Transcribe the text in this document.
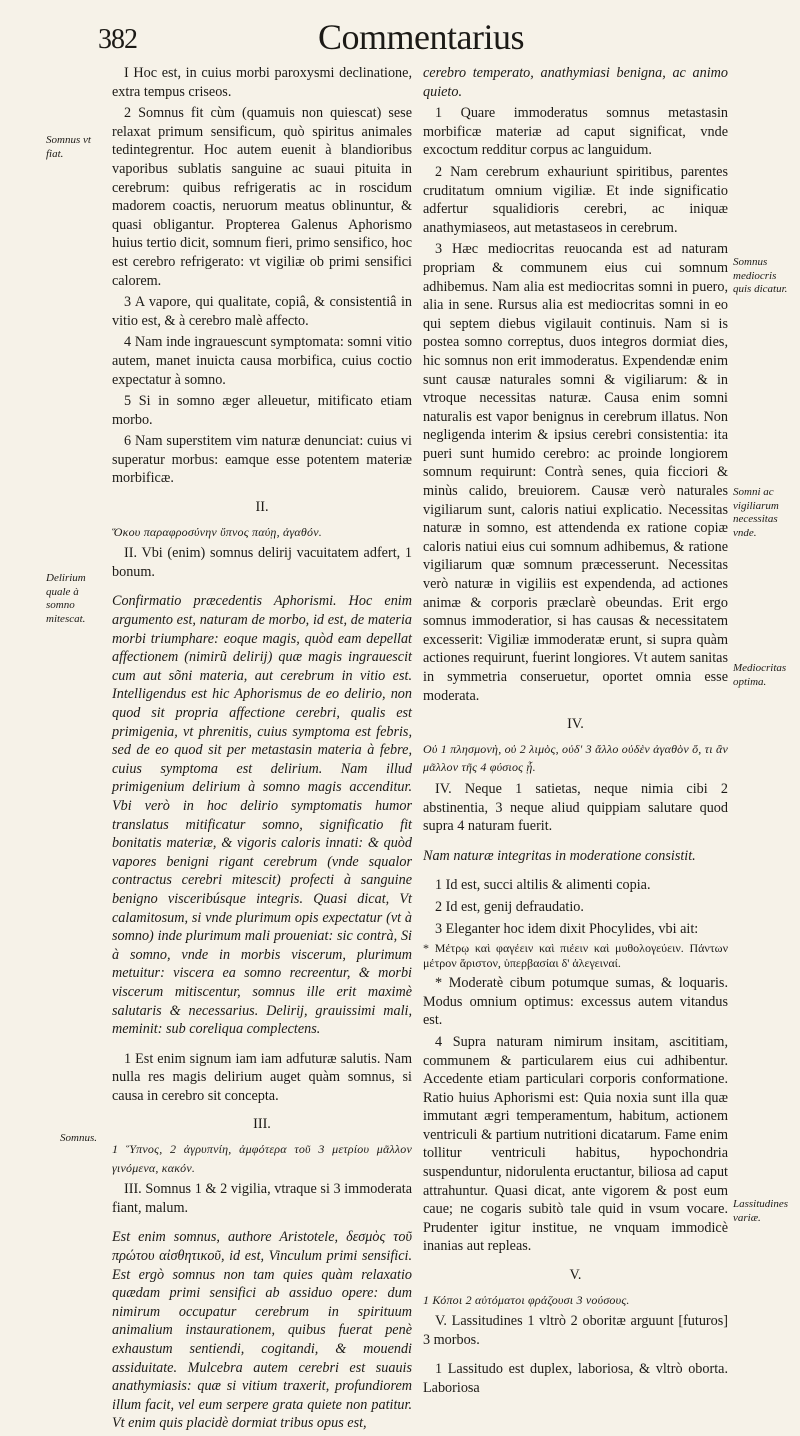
382	Commentarius

I Hoc est, in cuius morbi paroxysmi declinatione, extra tempus criseos.

2 Somnus fit cùm (quamuis non quiescat) sese relaxat primum sensificum, quò spiritus animales tedintegrentur. Hoc autem euenit à blandioribus vaporibus sublatis sanguine ac suaui pituita in cerebrum: quibus refrigeratis ac in roscidum madorem coactis, neruorum meatus oblinuntur, & quasi obligantur. Propterea Galenus Aphorismo huius tertio dicit, somnum fieri, primo sensifico, hoc est cerebro refrigerato: vt vigiliæ ob primi sensifici calorem.

3 A vapore, qui qualitate, copiâ, & consistentiâ in vitio est, & à cerebro malè affecto.

4 Nam inde ingrauescunt symptomata: somni vitio autem, manet inuicta causa morbifica, cuius coctio expectatur à somno.

5 Si in somno æger alleuetur, mitificato etiam morbo.

6 Nam superstitem vim naturæ denunciat: cuius vi superatur morbus: eamque esse potentem materiæ morbificæ.

II.

Ὅκου παραφροσύνην ὕπνος παύῃ, ἀγαθόν.

II. Vbi (enim) somnus delirij vacuitatem adfert, 1 bonum.

Confirmatio præcedentis Aphorismi. Hoc enim argumento est, naturam de morbo, id est, de materia morbi triumphare: eoque magis, quòd eam depellat affectionem (nimirũ delirij) quæ magis ingrauescit cum aut sõni materia, aut cerebrum in vitio est. Intelligendus est hic Aphorismus de eo delirio, non quod sit propria affectione cerebri, qualis est primigenia, vt phrenitis, cuius symptoma est febris, sed de eo quod sit per metastasin materia à febre, cuius symptoma est delirium. Nam illud primigenium delirium à somno magis accenditur. Vbi verò in hoc delirio symptomatis humor translatus mitificatur somno, significatio fit bonitatis materiæ, & vigoris caloris innati: & quòd vapores benigni rigant cerebrum (vnde squalor contractus cerebri mitescit) profecti à sanguine benigno visceribúsque integris. Quasi dicat, Vt calamitosum, si vnde plurimum opis expectatur (vt à somno) inde plurimum mali proueniat: sic contrà, Si à somno, vnde in morbis viscerum, plurimum metuitur: viscera ea somno recreentur, & morbi viscerum mitiscentur, somnus ille erit maximè salutaris & necessarius. Delirij, grauissimi mali, meminit: sub coreliqua complectens.

1 Est enim signum iam iam adfuturæ salutis. Nam nulla res magis delirium auget quàm somnus, si causa in cerebro sit concepta.

III.

1 Ὕπνος, 2 ἀγρυπνίη, ἀμφότερα τοῦ 3 μετρίου μᾶλλον γινόμενα, κακόν.

III. Somnus 1 & 2 vigilia, vtraque si 3 immoderata fiant, malum.

Est enim somnus, authore Aristotele, δεσμὸς τοῦ πρώτου αἰσθητικοῦ, id est, Vinculum primi sensifici. Est ergò somnus non tam quies quàm relaxatio quædam primi sensifici ab assiduo opere: dum nimirum occupatur cerebrum in spirituum animalium instaurationem, quibus fuerat penè exhaustum sentiendi, cogitandi, & mouendi assiduitate. Mulcebra autem cerebri est suauis anathymiasis: quæ si vitium traxerit, profundiorem illum facit, vel eum serpere grata quiete non patitur. Vt enim quis placidè dormiat tribus opus est,

cerebro temperato, anathymiasi benigna, ac animo quieto.

1 Quare immoderatus somnus metastasin morbificæ materiæ ad caput significat, vnde excoctum redditur corpus ac languidum.

2 Nam cerebrum exhauriunt spiritibus, parentes cruditatum omnium vigiliæ. Et inde significatio adfertur squalidioris cerebri, ac iniquæ anathymiaseos, aut metastaseos in cerebrum.

3 Hæc mediocritas reuocanda est ad naturam propriam & communem eius cui somnum adhibemus. Nam alia est mediocritas somni in puero, alia in sene. Rursus alia est mediocritas somni in eo qui septem diebus vigilauit continuis. Nam si is postea somno correptus, duos integros dormiat dies, hic somnus non erit immoderatus. Expendendæ enim sunt causæ naturales somni & vigiliarum: & in vtroque necessitas naturæ. Causa enim somni naturalis est vapor benignus in cerebrum illatus. Non negligenda interim & ipsius cerebri consistentia: ita pueri sunt humido cerebro: ac proinde longiorem somnum requirunt: Contrà senes, quia ficciori & minùs calido, breuiorem. Causæ verò naturales vigiliarum sunt, caloris natiui explicatio. Necessitas naturæ in somno, est attendenda ex ratione copiæ caloris natiui eius cui somnum adhibemus, & ratione vigiliarum quæ somnum præcesserunt. Necessitas verò naturæ in vigiliis est expendenda, ad actiones animæ & corporis præclarè obeundas. Erit ergo somnus immoderatior, si has causas & necessitatem excesserit: Vigiliæ immoderatæ erunt, si supra quàm actiones requirunt, fuerint longiores. Vt autem sanitas in symmetria conseruetur, oportet omnia esse moderata.

IV.

Οὐ 1 πλησμονὴ, οὐ 2 λιμὸς, οὐδ' 3 ἄλλο οὐδὲν ἀγαθὸν ὅ, τι ἂν μᾶλλον τῆς 4 φύσιος ᾖ.

IV. Neque 1 satietas, neque nimia cibi 2 abstinentia, 3 neque aliud quippiam salutare quod supra 4 naturam fuerit.

Nam naturæ integritas in moderatione consistit.

1 Id est, succi altilis & alimenti copia.

2 Id est, genij defraudatio.

3 Eleganter hoc idem dixit Phocylides, vbi ait:

* Μέτρῳ καὶ φαγέειν καὶ πιέειν καὶ μυθολογεύειν. Πάντων μέτρον ἄριστον, ὑπερβασίαι δ' ἀλεγειναί.

* Moderatè cibum potumque sumas, & loquaris. Modus omnium optimus: excessus autem vitandus est.

4 Supra naturam nimirum insitam, ascititiam, communem & particularem eius cui adhibentur. Accedente etiam particulari corporis conformatione. Ratio huius Aphorismi est: Quia noxia sunt illa quæ immutant ægri temperamentum, habitum, actionem ventriculi & partium nutritioni dicatarum. Fame enim tollitur ventriculi habitus, hypochondria suspenduntur, nidorulenta eructantur, biliosa ad caput attrahuntur. Quasi dicat, ante vigorem & post eum caue; ne cogaris subitò tale quid in vsum vocare. Prudenter igitur institue, ne vnquam immodicè inanias aut repleas.

V.

1 Κόποι 2 αὐτόματοι φράζουσι 3 νούσους.

V. Lassitudines 1 vltrò 2 oboritæ arguunt [futuros] 3 morbos.

1 Lassitudo est duplex, laboriosa, & vltrò oborta. Laboriosa

Somnus vt fiat.
Delirium quale à somno mitescat.
Somnus.
Somnus mediocris quis dicatur.
Somni ac vigiliarum necessitas vnde.
Mediocritas optima.
Lassitudines variæ.
